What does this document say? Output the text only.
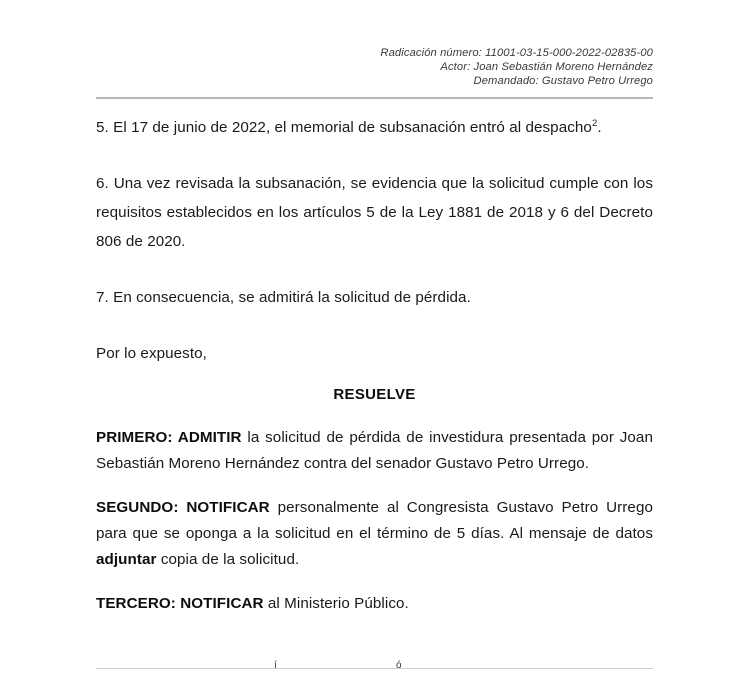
Radicación número: 11001-03-15-000-2022-02835-00
Actor: Joan Sebastián Moreno Hernández
Demandado: Gustavo Petro Urrego

5. El 17 de junio de 2022, el memorial de subsanación entró al despacho$^2$.

6. Una vez revisada la subsanación, se evidencia que la solicitud cumple con los requisitos establecidos en los artículos 5 de la Ley 1881 de 2018 y 6 del Decreto 806 de 2020.

7. En consecuencia, se admitirá la solicitud de pérdida.

Por lo expuesto,

RESUELVE

PRIMERO: ADMITIR la solicitud de pérdida de investidura presentada por Joan Sebastián Moreno Hernández contra del senador Gustavo Petro Urrego.

SEGUNDO: NOTIFICAR personalmente al Congresista Gustavo Petro Urrego para que se oponga a la solicitud en el término de 5 días. Al mensaje de datos adjuntar copia de la solicitud.

TERCERO: NOTIFICAR al Ministerio Público.

í	ó
